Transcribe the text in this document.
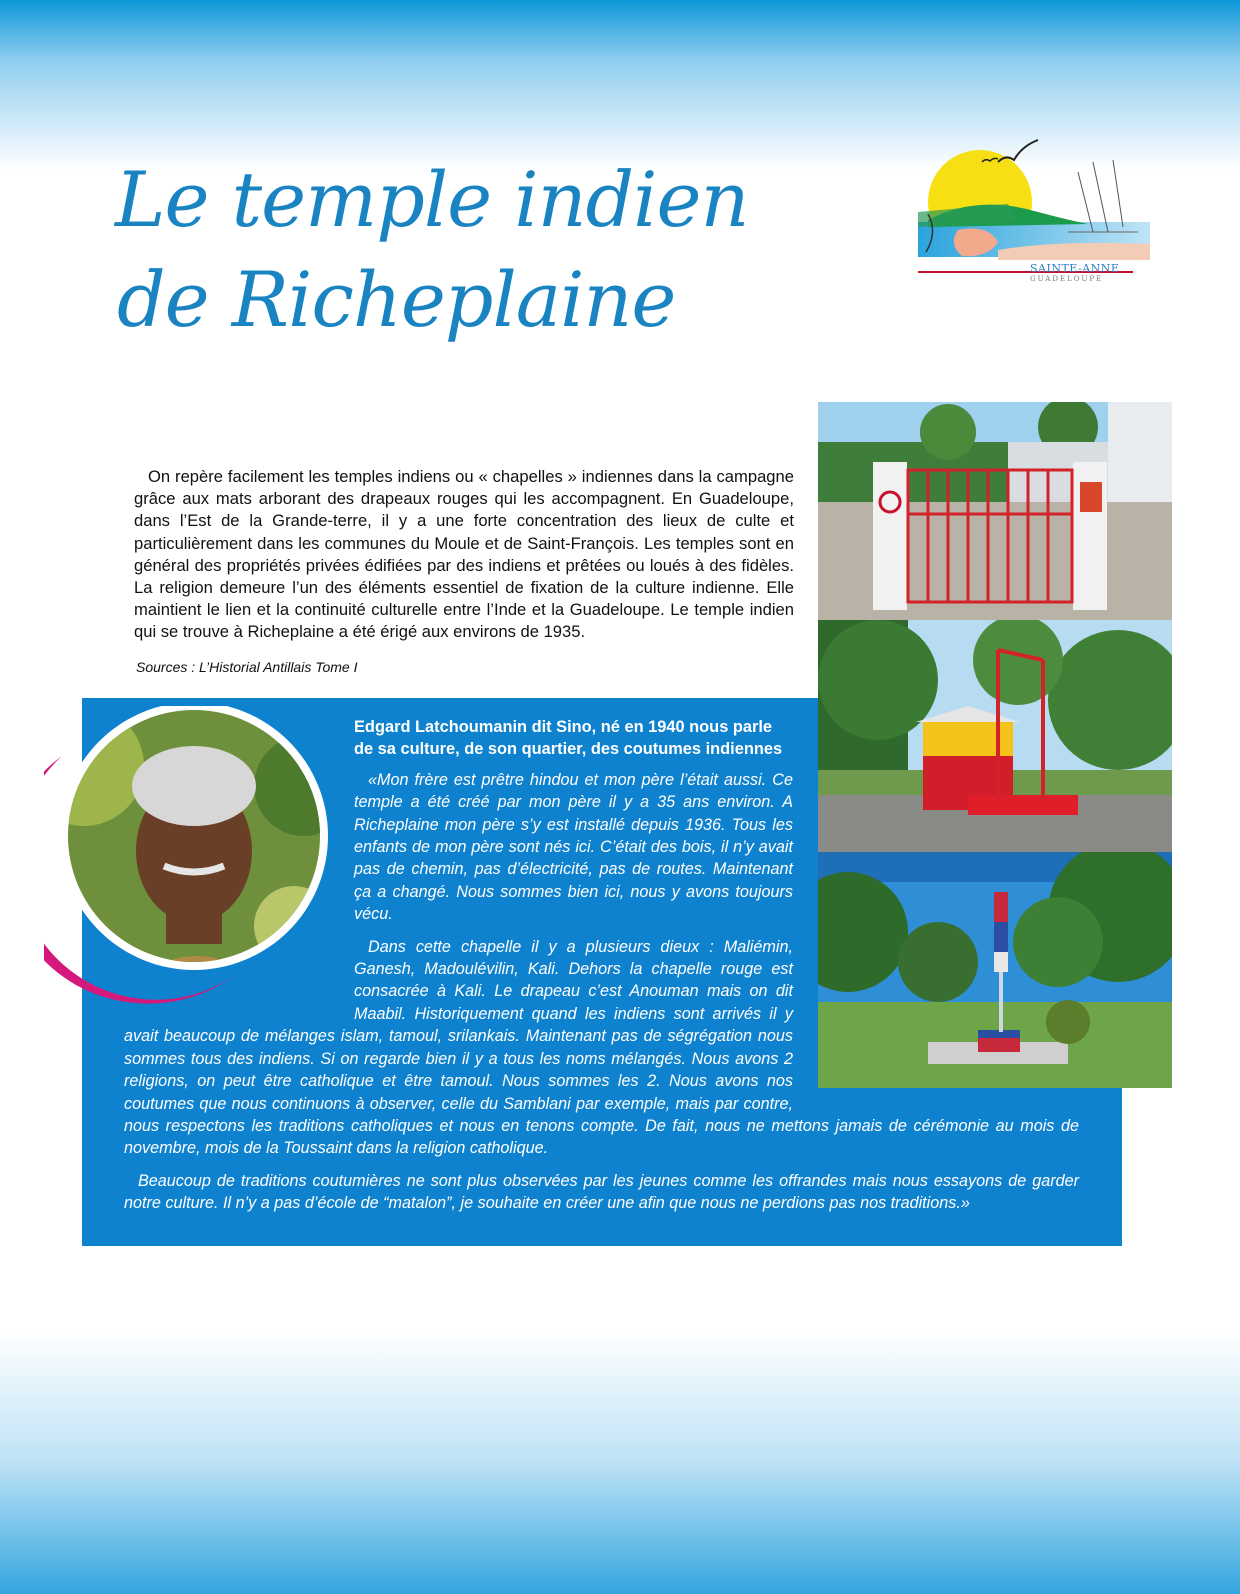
Le temple indien
de Richeplaine	SAINTE-ANNE
GUADELOUPE

On repère facilement les temples indiens ou « chapelles » indiennes dans la campagne grâce aux mats arborant des drapeaux rouges qui les accompagnent. En Guadeloupe, dans l’Est de la Grande-terre, il y a une forte concentration des lieux de culte et particulièrement dans les communes du Moule et de Saint-François. Les temples sont en général des propriétés privées édifiées par des indiens et prêtées ou loués à des fidèles. La religion demeure l’un des éléments essentiel de fixation de la culture indienne. Elle maintient le lien et la continuité culturelle entre l’Inde et la Guadeloupe. Le temple indien qui se trouve à Richeplaine a été érigé aux environs de 1935.

Sources : L’Historial Antillais Tome I

Edgard Latchoumanin dit Sino, né en 1940 nous parle de sa culture, de son quartier, des coutumes indiennes

«Mon frère est prêtre hindou et mon père l’était aussi. Ce temple a été créé par mon père il y a 35 ans environ. A Richeplaine mon père s’y est installé depuis 1936. Tous les enfants de mon père sont nés ici. C’était des bois, il n’y avait pas de chemin, pas d’électricité, pas de routes. Maintenant ça a changé. Nous sommes bien ici, nous y avons toujours vécu.

Dans cette chapelle il y a plusieurs dieux : Maliémin, Ganesh, Madoulévilin, Kali. Dehors la chapelle rouge est consacrée à Kali. Le drapeau c’est Anouman mais on dit Maabil. Historiquement quand les indiens sont arrivés il y avait beaucoup de mélanges islam, tamoul, srilankais. Maintenant pas de ségrégation nous sommes tous des indiens. Si on regarde bien il y a tous les noms mélangés. Nous avons 2 religions, on peut être catholique et être tamoul. Nous sommes les 2. Nous avons nos coutumes que nous continuons à observer, celle du Samblani par exemple, mais par contre, nous respectons les traditions catholiques et nous en tenons compte. De fait, nous ne mettons jamais de cérémonie au mois de novembre, mois de la Toussaint dans la religion catholique.

Beaucoup de traditions coutumières ne sont plus observées par les jeunes comme les offrandes mais nous essayons de garder notre culture. Il n’y a pas d’école de “matalon”, je souhaite en créer une afin que nous ne perdions pas nos traditions.»
